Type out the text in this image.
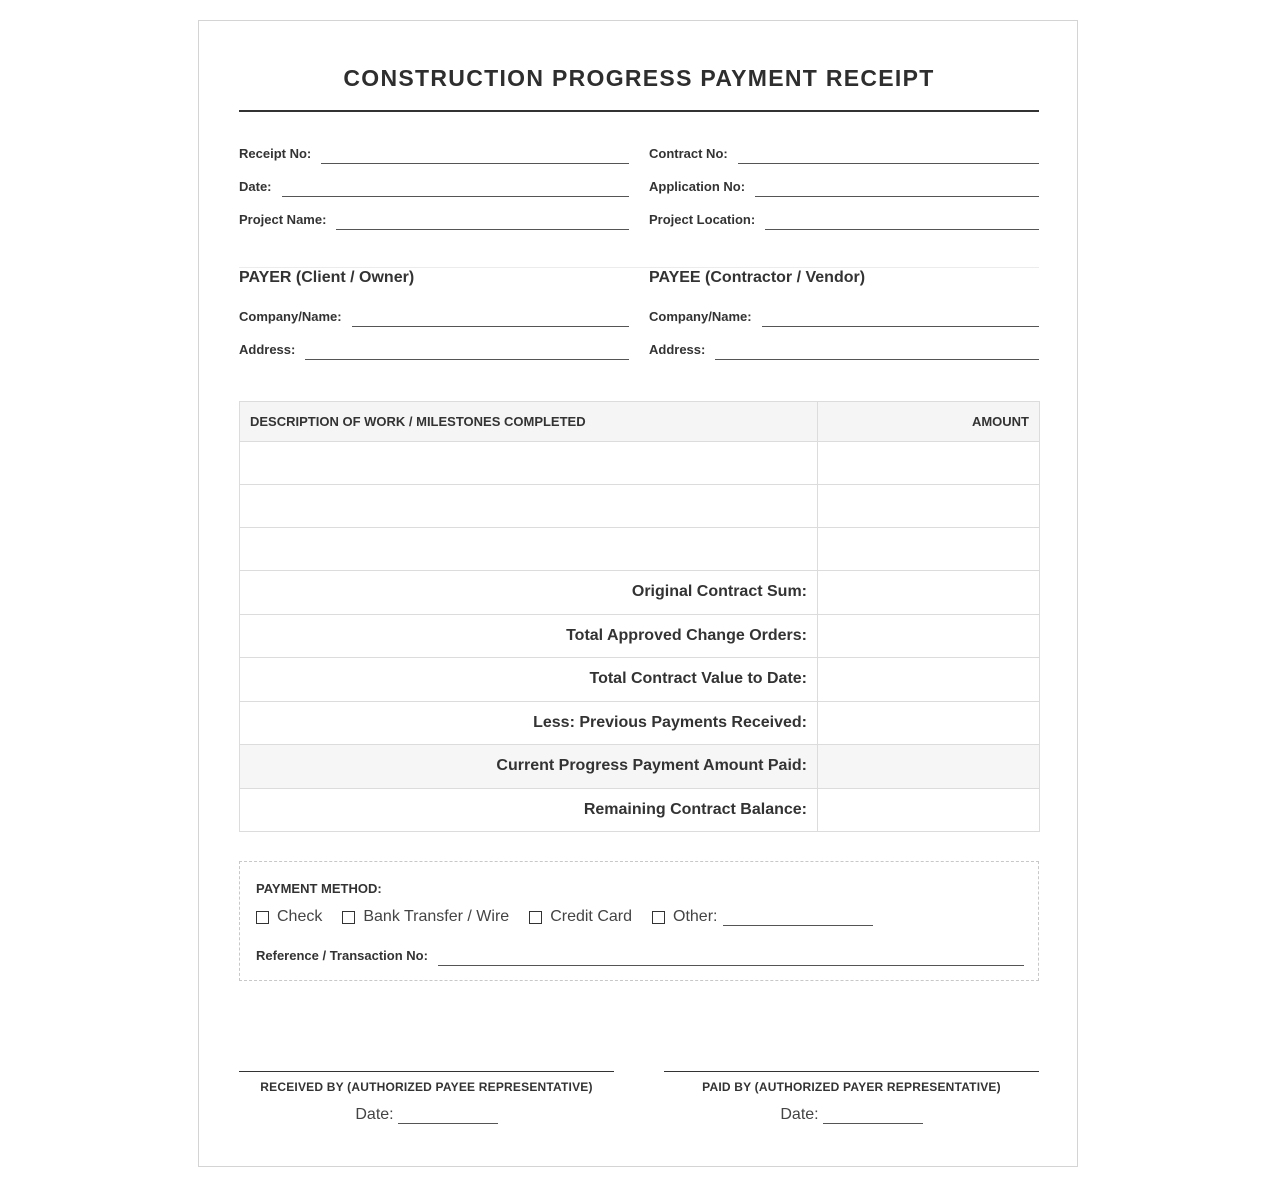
CONSTRUCTION PROGRESS PAYMENT RECEIPT
Receipt No:	Contract No:
Date:	Application No:
Project Name:	Project Location:
PAYER (Client / Owner)	PAYEE (Contractor / Vendor)
Company/Name:	Company/Name:
Address:	Address:
DESCRIPTION OF WORK / MILESTONES COMPLETED	AMOUNT

Original Contract Sum:	
Total Approved Change Orders:	
Total Contract Value to Date:	
Less: Previous Payments Received:	
Current Progress Payment Amount Paid:	
Remaining Contract Balance:	
PAYMENT METHOD:
Check	Bank Transfer / Wire	Credit Card	Other:
Reference / Transaction No:
RECEIVED BY (AUTHORIZED PAYEE REPRESENTATIVE)
Date:
PAID BY (AUTHORIZED PAYER REPRESENTATIVE)
Date:
